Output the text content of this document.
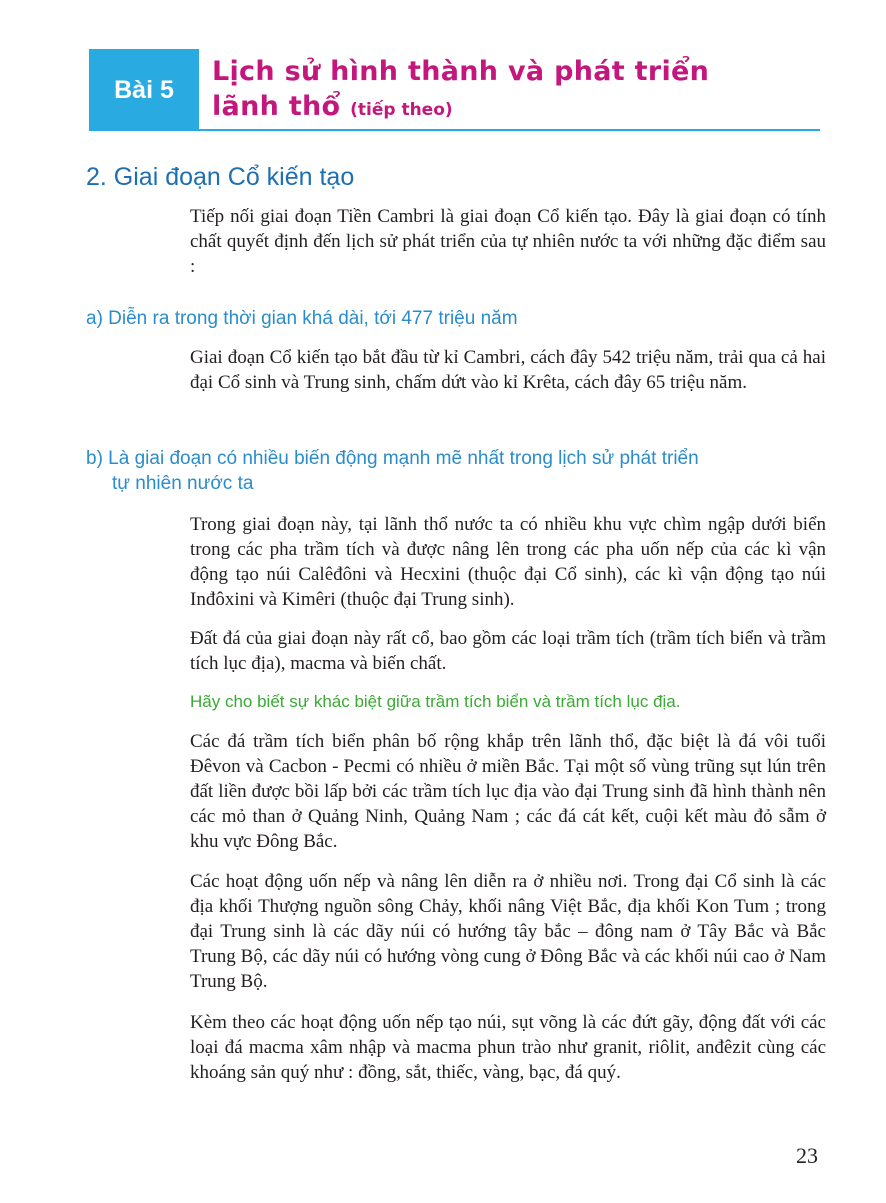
Bài 5
Lịch sử hình thành và phát triển
lãnh thổ (tiếp theo)
2. Giai đoạn Cổ kiến tạo
Tiếp nối giai đoạn Tiền Cambri là giai đoạn Cổ kiến tạo. Đây là giai đoạn có tính chất quyết định đến lịch sử phát triển của tự nhiên nước ta với những đặc điểm sau :
a) Diễn ra trong thời gian khá dài, tới 477 triệu năm
Giai đoạn Cổ kiến tạo bắt đầu từ kỉ Cambri, cách đây 542 triệu năm, trải qua cả hai đại Cổ sinh và Trung sinh, chấm dứt vào kỉ Krêta, cách đây 65 triệu năm.
b) Là giai đoạn có nhiều biến động mạnh mẽ nhất trong lịch sử phát triển
tự nhiên nước ta
Trong giai đoạn này, tại lãnh thổ nước ta có nhiều khu vực chìm ngập dưới biển trong các pha trầm tích và được nâng lên trong các pha uốn nếp của các kì vận động tạo núi Calêđôni và Hecxini (thuộc đại Cổ sinh), các kì vận động tạo núi Inđôxini và Kimêri (thuộc đại Trung sinh).
Đất đá của giai đoạn này rất cổ, bao gồm các loại trầm tích (trầm tích biển và trầm tích lục địa), macma và biến chất.
Hãy cho biết sự khác biệt giữa trầm tích biển và trầm tích lục địa.
Các đá trầm tích biển phân bố rộng khắp trên lãnh thổ, đặc biệt là đá vôi tuổi Đêvon và Cacbon - Pecmi có nhiều ở miền Bắc. Tại một số vùng trũng sụt lún trên đất liền được bồi lấp bởi các trầm tích lục địa vào đại Trung sinh đã hình thành nên các mỏ than ở Quảng Ninh, Quảng Nam ; các đá cát kết, cuội kết màu đỏ sẫm ở khu vực Đông Bắc.
Các hoạt động uốn nếp và nâng lên diễn ra ở nhiều nơi. Trong đại Cổ sinh là các địa khối Thượng nguồn sông Chảy, khối nâng Việt Bắc, địa khối Kon Tum ; trong đại Trung sinh là các dãy núi có hướng tây bắc – đông nam ở Tây Bắc và Bắc Trung Bộ, các dãy núi có hướng vòng cung ở Đông Bắc và các khối núi cao ở Nam Trung Bộ.
Kèm theo các hoạt động uốn nếp tạo núi, sụt võng là các đứt gãy, động đất với các loại đá macma xâm nhập và macma phun trào như granit, riôlit, anđêzit cùng các khoáng sản quý như : đồng, sắt, thiếc, vàng, bạc, đá quý.
23
